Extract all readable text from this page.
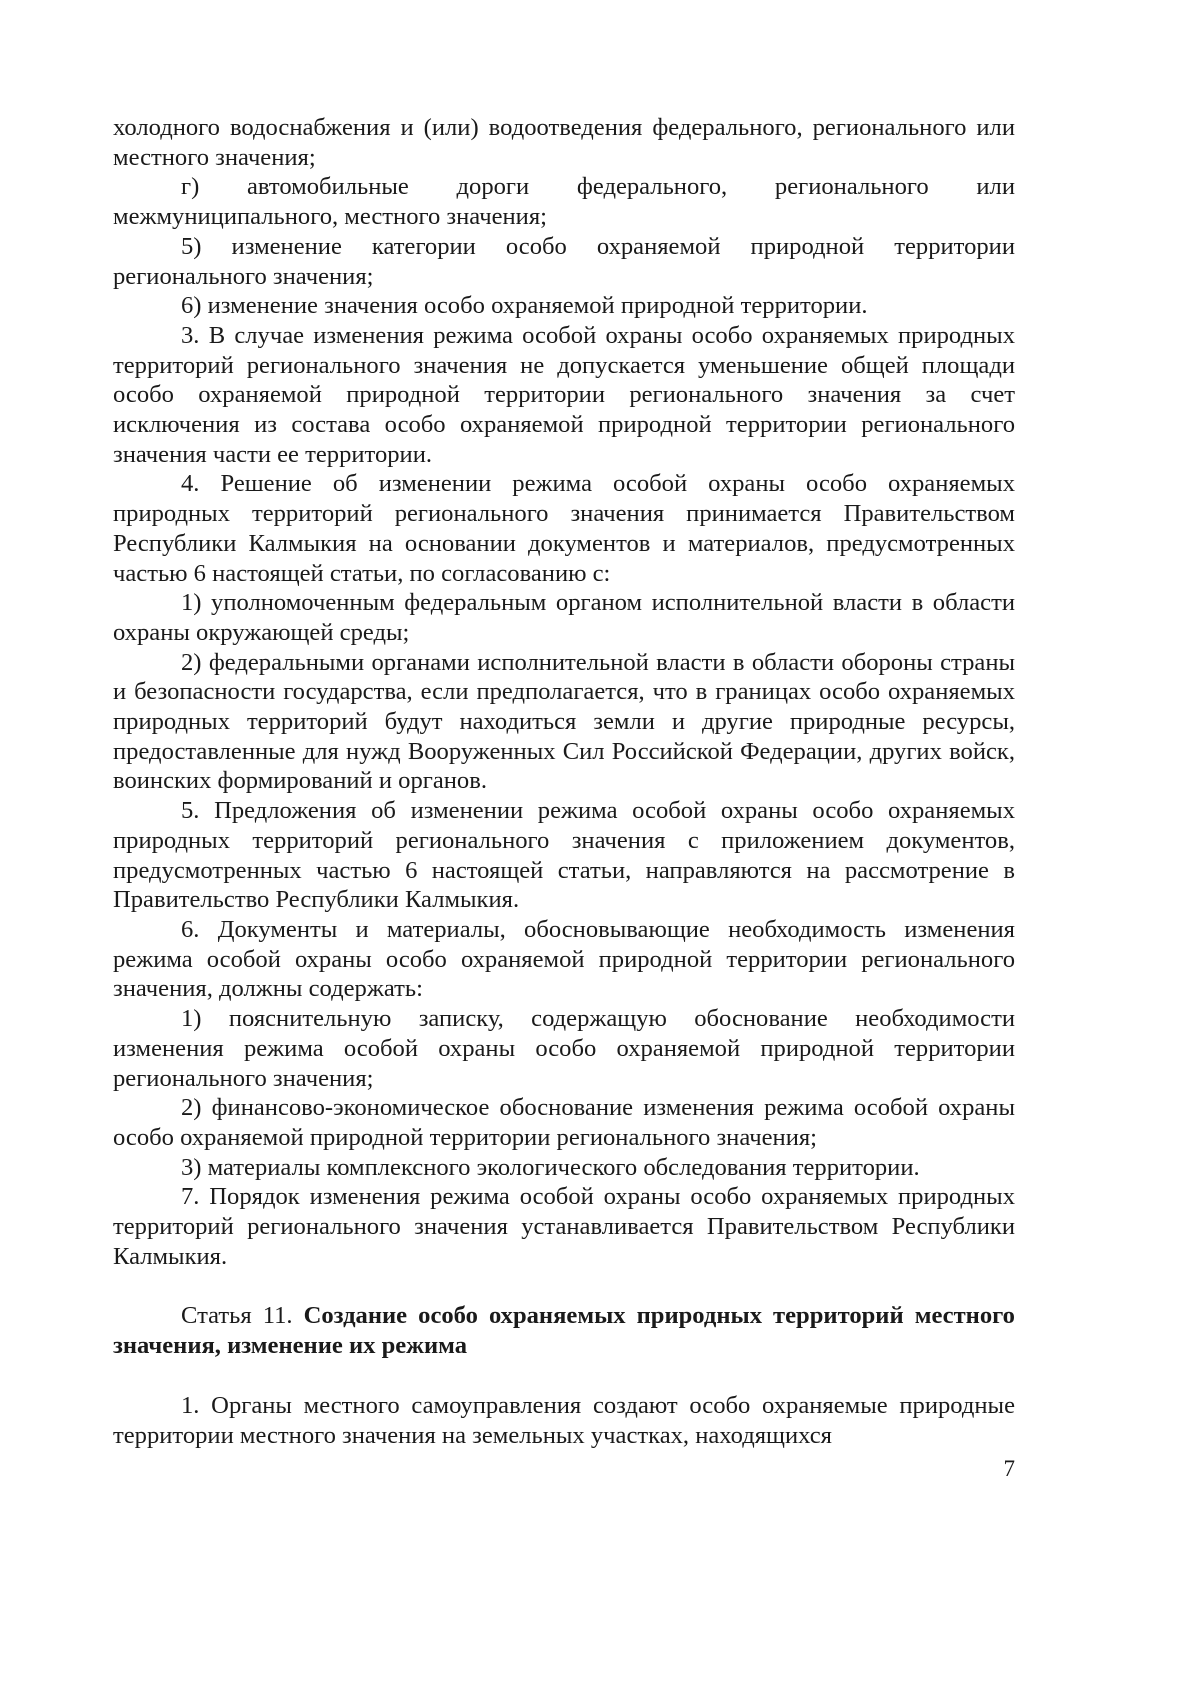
холодного водоснабжения и (или) водоотведения федерального, регионального или местного значения;

г) автомобильные дороги федерального, регионального или межмуниципального, местного значения;

5) изменение категории особо охраняемой природной территории регионального значения;

6) изменение значения особо охраняемой природной территории.

3. В случае изменения режима особой охраны особо охраняемых природных территорий регионального значения не допускается уменьшение общей площади особо охраняемой природной территории регионального значения за счет исключения из состава особо охраняемой природной территории регионального значения части ее территории.

4. Решение об изменении режима особой охраны особо охраняемых природных территорий регионального значения принимается Правительством Республики Калмыкия на основании документов и материалов, предусмотренных частью 6 настоящей статьи, по согласованию с:

1) уполномоченным федеральным органом исполнительной власти в области охраны окружающей среды;

2) федеральными органами исполнительной власти в области обороны страны и безопасности государства, если предполагается, что в границах особо охраняемых природных территорий будут находиться земли и другие природные ресурсы, предоставленные для нужд Вооруженных Сил Российской Федерации, других войск, воинских формирований и органов.

5. Предложения об изменении режима особой охраны особо охраняемых природных территорий регионального значения с приложением документов, предусмотренных частью 6 настоящей статьи, направляются на рассмотрение в Правительство Республики Калмыкия.

6. Документы и материалы, обосновывающие необходимость изменения режима особой охраны особо охраняемой природной территории регионального значения, должны содержать:

1) пояснительную записку, содержащую обоснование необходимости изменения режима особой охраны особо охраняемой природной территории регионального значения;

2) финансово-экономическое обоснование изменения режима особой охраны особо охраняемой природной территории регионального значения;

3) материалы комплексного экологического обследования территории.

7. Порядок изменения режима особой охраны особо охраняемых природных территорий регионального значения устанавливается Правительством Республики Калмыкия.

Статья 11. Создание особо охраняемых природных территорий местного значения, изменение их режима

1. Органы местного самоуправления создают особо охраняемые природные территории местного значения на земельных участках, находящихся

7
